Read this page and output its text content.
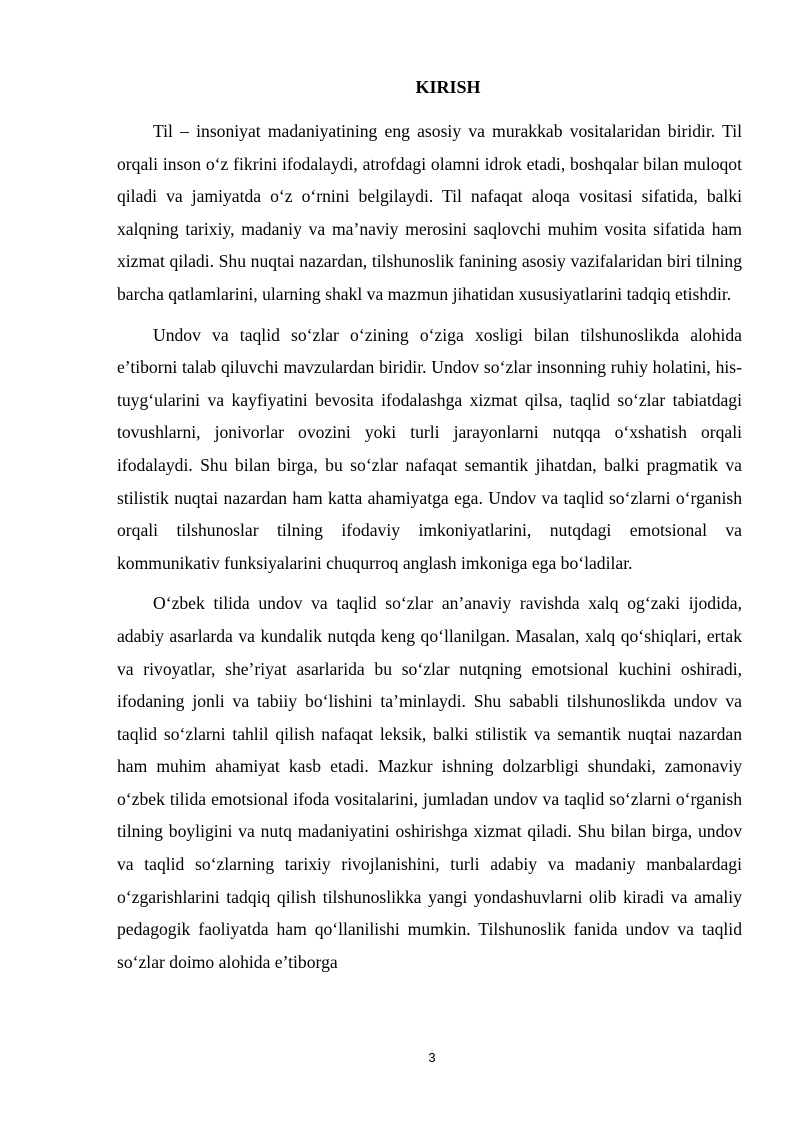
KIRISH

Til – insoniyat madaniyatining eng asosiy va murakkab vositalaridan biridir. Til orqali inson o‘z fikrini ifodalaydi, atrofdagi olamni idrok etadi, boshqalar bilan muloqot qiladi va jamiyatda o‘z o‘rnini belgilaydi. Til nafaqat aloqa vositasi sifatida, balki xalqning tarixiy, madaniy va ma’naviy merosini saqlovchi muhim vosita sifatida ham xizmat qiladi. Shu nuqtai nazardan, tilshunoslik fanining asosiy vazifalaridan biri tilning barcha qatlamlarini, ularning shakl va mazmun jihatidan xususiyatlarini tadqiq etishdir.

Undov va taqlid so‘zlar o‘zining o‘ziga xosligi bilan tilshunoslikda alohida e’tiborni talab qiluvchi mavzulardan biridir. Undov so‘zlar insonning ruhiy holatini, his-tuyg‘ularini va kayfiyatini bevosita ifodalashga xizmat qilsa, taqlid so‘zlar tabiatdagi tovushlarni, jonivorlar ovozini yoki turli jarayonlarni nutqqa o‘xshatish orqali ifodalaydi. Shu bilan birga, bu so‘zlar nafaqat semantik jihatdan, balki pragmatik va stilistik nuqtai nazardan ham katta ahamiyatga ega. Undov va taqlid so‘zlarni o‘rganish orqali tilshunoslar tilning ifodaviy imkoniyatlarini, nutqdagi emotsional va kommunikativ funksiyalarini chuqurroq anglash imkoniga ega bo‘ladilar.

O‘zbek tilida undov va taqlid so‘zlar an’anaviy ravishda xalq og‘zaki ijodida, adabiy asarlarda va kundalik nutqda keng qo‘llanilgan. Masalan, xalq qo‘shiqlari, ertak va rivoyatlar, she’riyat asarlarida bu so‘zlar nutqning emotsional kuchini oshiradi, ifodaning jonli va tabiiy bo‘lishini ta’minlaydi. Shu sababli tilshunoslikda undov va taqlid so‘zlarni tahlil qilish nafaqat leksik, balki stilistik va semantik nuqtai nazardan ham muhim ahamiyat kasb etadi. Mazkur ishning dolzarbligi shundaki, zamonaviy o‘zbek tilida emotsional ifoda vositalarini, jumladan undov va taqlid so‘zlarni o‘rganish tilning boyligini va nutq madaniyatini oshirishga xizmat qiladi. Shu bilan birga, undov va taqlid so‘zlarning tarixiy rivojlanishini, turli adabiy va madaniy manbalardagi o‘zgarishlarini tadqiq qilish tilshunoslikka yangi yondashuvlarni olib kiradi va amaliy pedagogik faoliyatda ham qo‘llanilishi mumkin. Tilshunoslik fanida undov va taqlid so‘zlar doimo alohida e’tiborga

3
